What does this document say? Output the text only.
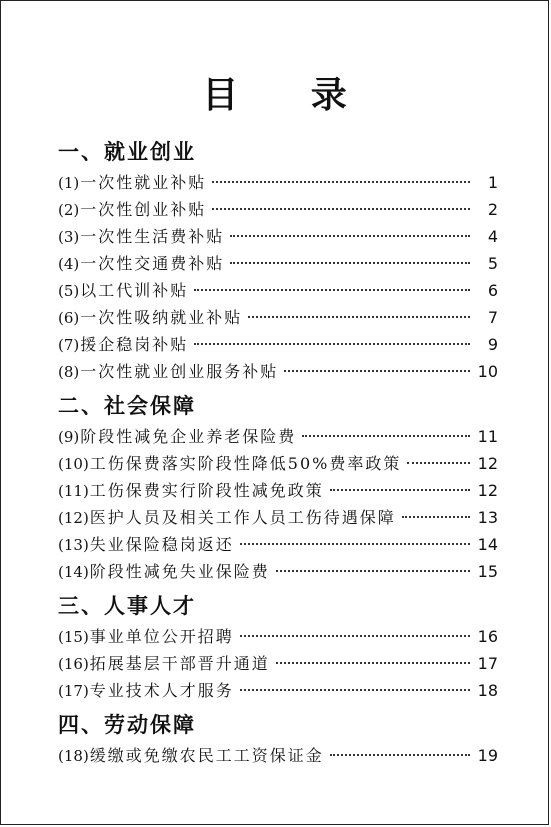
目 录
一、就业创业
(1) 一次性就业补贴	1
(2) 一次性创业补贴	2
(3) 一次性生活费补贴	4
(4) 一次性交通费补贴	5
(5) 以工代训补贴	6
(6) 一次性吸纳就业补贴	7
(7) 援企稳岗补贴	9
(8) 一次性就业创业服务补贴	10
二、社会保障
(9) 阶段性减免企业养老保险费	11
(10) 工伤保费落实阶段性降低50%费率政策	12
(11) 工伤保费实行阶段性减免政策	12
(12) 医护人员及相关工作人员工伤待遇保障	13
(13) 失业保险稳岗返还	14
(14) 阶段性减免失业保险费	15
三、人事人才
(15) 事业单位公开招聘	16
(16) 拓展基层干部晋升通道	17
(17) 专业技术人才服务	18
四、劳动保障
(18) 缓缴或免缴农民工工资保证金	19
